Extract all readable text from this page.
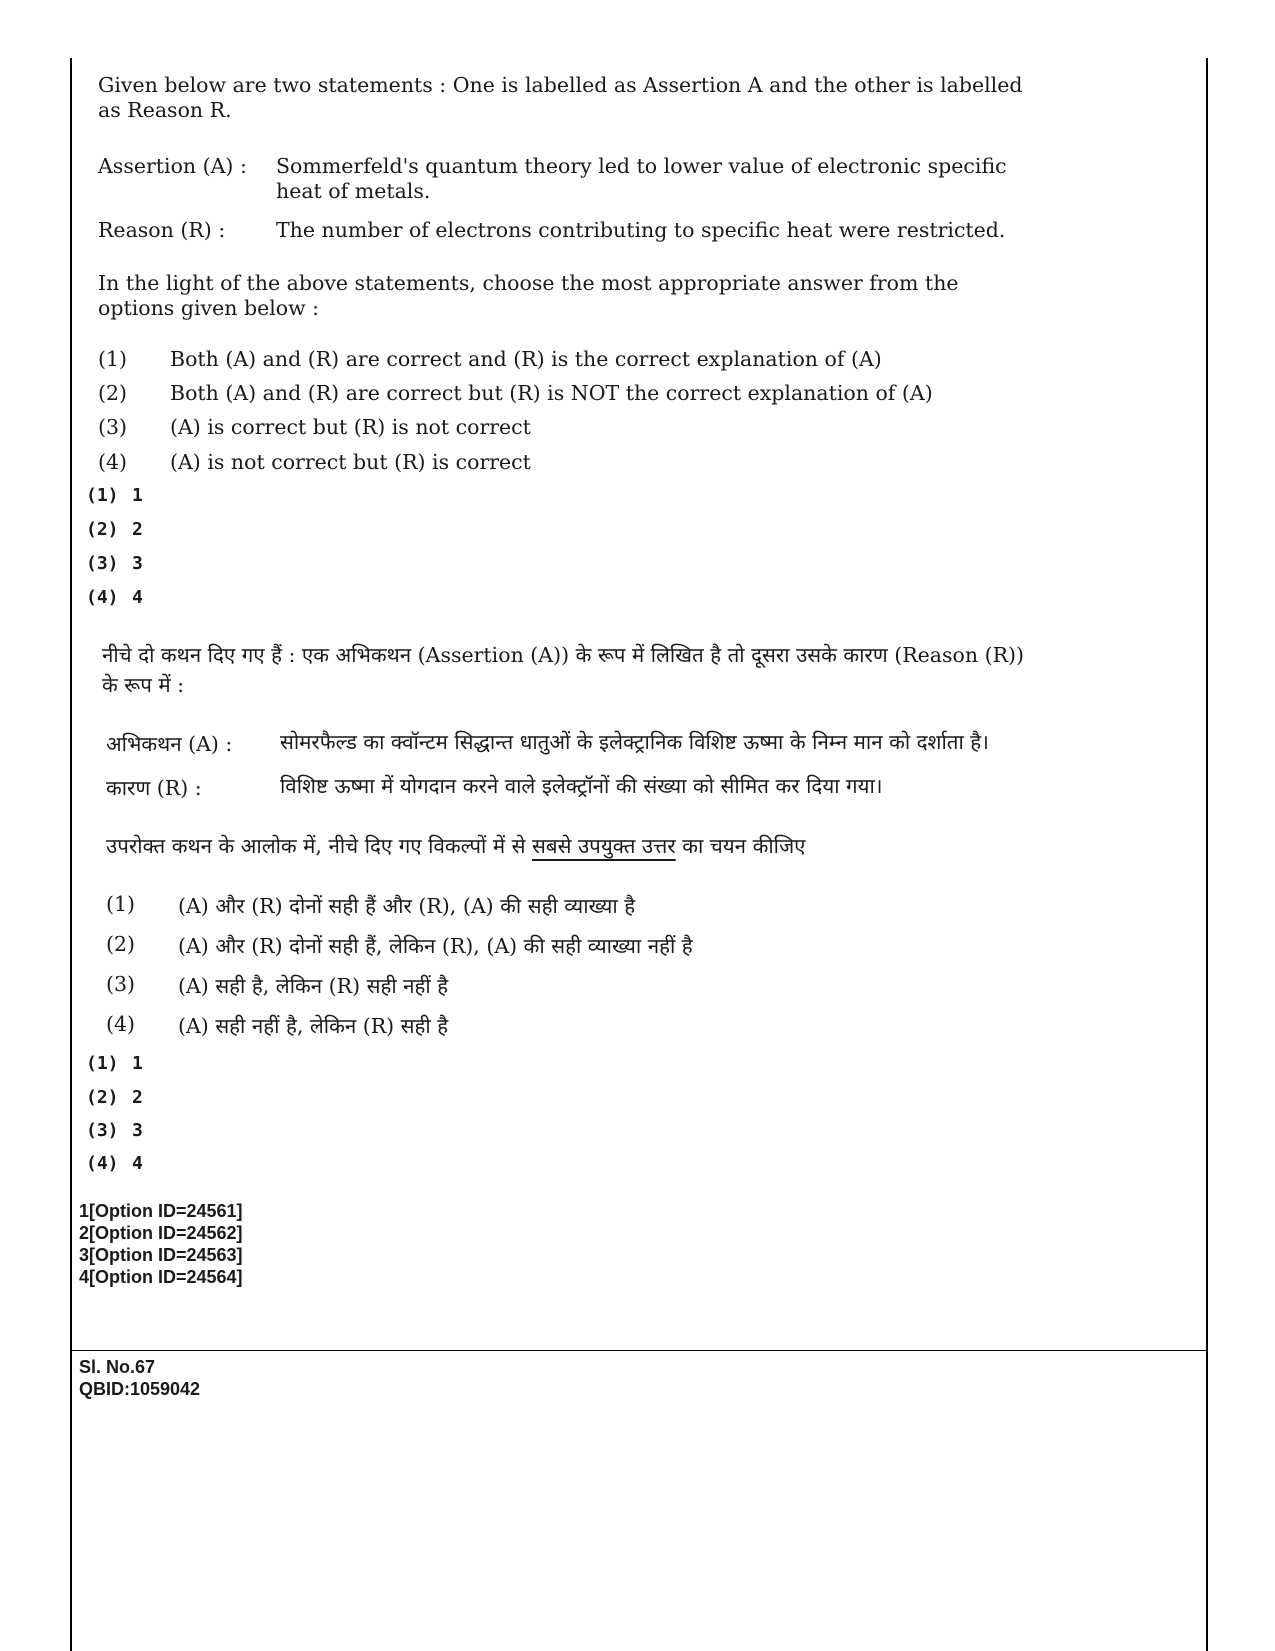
Given below are two statements : One is labelled as Assertion A and the other is labelled as Reason R.
Assertion (A) :	Sommerfeld's quantum theory led to lower value of electronic specific heat of metals.
Reason (R) :	The number of electrons contributing to specific heat were restricted.
In the light of the above statements, choose the most appropriate answer from the options given below :
(1)	Both (A) and (R) are correct and (R) is the correct explanation of (A)
(2)	Both (A) and (R) are correct but (R) is NOT the correct explanation of (A)
(3)	(A) is correct but (R) is not correct
(4)	(A) is not correct but (R) is correct
(1) 1
(2) 2
(3) 3
(4) 4
नीचे दो कथन दिए गए हैं : एक अभिकथन (Assertion (A)) के रूप में लिखित है तो दूसरा उसके कारण (Reason (R))
के रूप में :
अभिकथन (A) :	सोमरफैल्ड का क्वॉन्टम सिद्धान्त धातुओं के इलेक्ट्रानिक विशिष्ट ऊष्मा के निम्न मान को दर्शाता है।
कारण (R) :	विशिष्ट ऊष्मा में योगदान करने वाले इलेक्ट्रॉनों की संख्या को सीमित कर दिया गया।
उपरोक्त कथन के आलोक में, नीचे दिए गए विकल्पों में से सबसे उपयुक्त उत्तर का चयन कीजिए
(1)	(A) और (R) दोनों सही हैं और (R), (A) की सही व्याख्या है
(2)	(A) और (R) दोनों सही हैं, लेकिन (R), (A) की सही व्याख्या नहीं है
(3)	(A) सही है, लेकिन (R) सही नहीं है
(4)	(A) सही नहीं है, लेकिन (R) सही है
(1) 1
(2) 2
(3) 3
(4) 4
1[Option ID=24561]
2[Option ID=24562]
3[Option ID=24563]
4[Option ID=24564]
Sl. No.67
QBID:1059042
